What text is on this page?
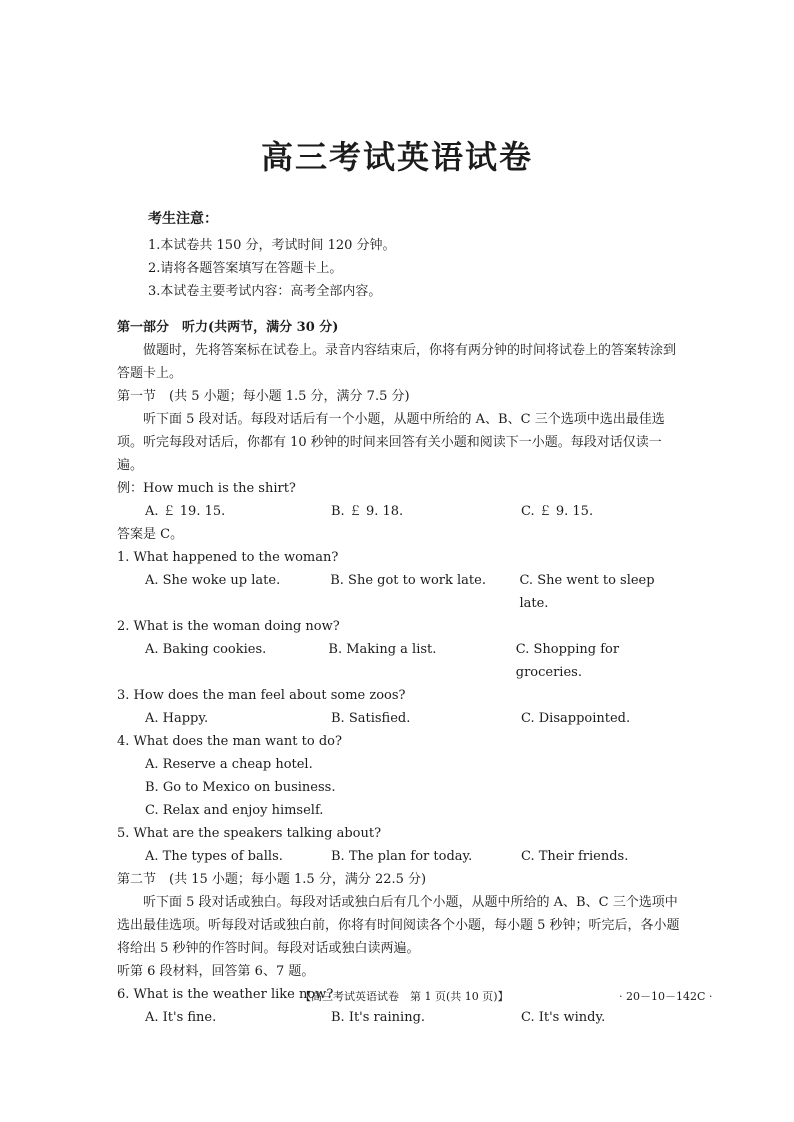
高三考试英语试卷
考生注意：
1.本试卷共 150 分，考试时间 120 分钟。
2.请将各题答案填写在答题卡上。
3.本试卷主要考试内容：高考全部内容。

第一部分　听力(共两节，满分 30 分)

做题时，先将答案标在试卷上。录音内容结束后，你将有两分钟的时间将试卷上的答案转涂到答题卡上。

第一节　(共 5 小题；每小题 1.5 分，满分 7.5 分)

听下面 5 段对话。每段对话后有一个小题，从题中所给的 A、B、C 三个选项中选出最佳选项。听完每段对话后，你都有 10 秒钟的时间来回答有关小题和阅读下一小题。每段对话仅读一遍。

例：How much is the shirt?

A. ￡ 19. 15.	B. ￡ 9. 18.	C. ￡ 9. 15.

答案是 C。

1. What happened to the woman?

A. She woke up late.	B. She got to work late.	C. She went to sleep late.

2. What is the woman doing now?

A. Baking cookies.	B. Making a list.	C. Shopping for groceries.

3. How does the man feel about some zoos?

A. Happy.	B. Satisfied.	C. Disappointed.

4. What does the man want to do?

A. Reserve a cheap hotel.

B. Go to Mexico on business.

C. Relax and enjoy himself.

5. What are the speakers talking about?

A. The types of balls.	B. The plan for today.	C. Their friends.

第二节　(共 15 小题；每小题 1.5 分，满分 22.5 分)

听下面 5 段对话或独白。每段对话或独白后有几个小题，从题中所给的 A、B、C 三个选项中选出最佳选项。听每段对话或独白前，你将有时间阅读各个小题，每小题 5 秒钟；听完后，各小题将给出 5 秒钟的作答时间。每段对话或独白读两遍。

听第 6 段材料，回答第 6、7 题。

6. What is the weather like now?

A. It's fine.	B. It's raining.	C. It's windy.
【高三考试英语试卷　第 1 页(共 10 页)】	· 20－10－142C ·
